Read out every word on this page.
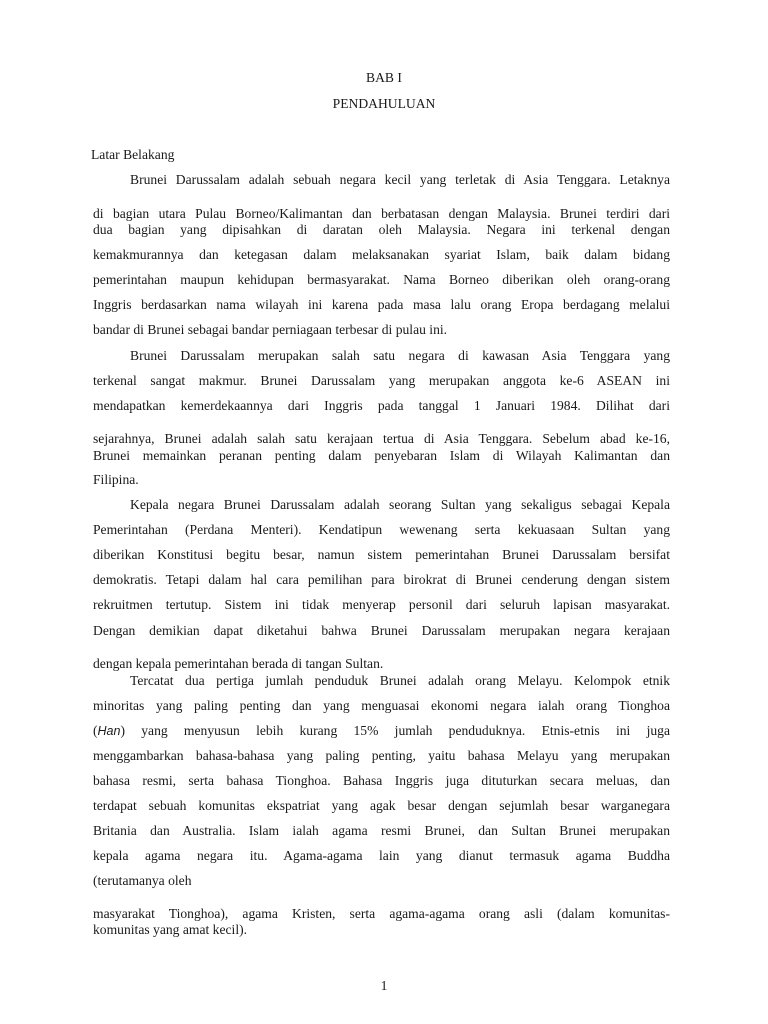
BAB I

PENDAHULUAN

Latar Belakang

Brunei Darussalam adalah sebuah negara kecil yang terletak di Asia Tenggara. Letaknya

di bagian utara Pulau Borneo/Kalimantan dan berbatasan dengan Malaysia. Brunei terdiri dari

dua bagian yang dipisahkan di daratan oleh Malaysia. Negara ini terkenal dengan

kemakmurannya dan ketegasan dalam melaksanakan syariat Islam, baik dalam bidang

pemerintahan maupun kehidupan bermasyarakat. Nama Borneo diberikan oleh orang-orang

Inggris berdasarkan nama wilayah ini karena pada masa lalu orang Eropa berdagang melalui

bandar di Brunei sebagai bandar perniagaan terbesar di pulau ini.

Brunei Darussalam merupakan salah satu negara di kawasan Asia Tenggara yang

terkenal sangat makmur. Brunei Darussalam yang merupakan anggota ke-6 ASEAN ini

mendapatkan kemerdekaannya dari Inggris pada tanggal 1 Januari 1984. Dilihat dari

sejarahnya, Brunei adalah salah satu kerajaan tertua di Asia Tenggara. Sebelum abad ke-16,

Brunei memainkan peranan penting dalam penyebaran Islam di Wilayah Kalimantan dan

Filipina.

Kepala negara Brunei Darussalam adalah seorang Sultan yang sekaligus sebagai Kepala

Pemerintahan (Perdana Menteri). Kendatipun wewenang serta kekuasaan Sultan yang

diberikan Konstitusi begitu besar, namun sistem pemerintahan Brunei Darussalam bersifat

demokratis. Tetapi dalam hal cara pemilihan para birokrat di Brunei cenderung dengan sistem

rekruitmen tertutup. Sistem ini tidak menyerap personil dari seluruh lapisan masyarakat.

Dengan demikian dapat diketahui bahwa Brunei Darussalam merupakan negara kerajaan

dengan kepala pemerintahan berada di tangan Sultan.

Tercatat dua pertiga jumlah penduduk Brunei adalah orang Melayu. Kelompok etnik

minoritas yang paling penting dan yang menguasai ekonomi negara ialah orang Tionghoa

(Han) yang menyusun lebih kurang 15% jumlah penduduknya. Etnis-etnis ini juga

menggambarkan bahasa-bahasa yang paling penting, yaitu bahasa Melayu yang merupakan

bahasa resmi, serta bahasa Tionghoa. Bahasa Inggris juga dituturkan secara meluas, dan

terdapat sebuah komunitas ekspatriat yang agak besar dengan sejumlah besar warganegara

Britania dan Australia. Islam ialah agama resmi Brunei, dan Sultan Brunei merupakan

kepala agama negara itu. Agama-agama lain yang dianut termasuk agama Buddha

(terutamanya oleh

masyarakat Tionghoa), agama Kristen, serta agama-agama orang asli (dalam komunitas-

komunitas yang amat kecil).

1
